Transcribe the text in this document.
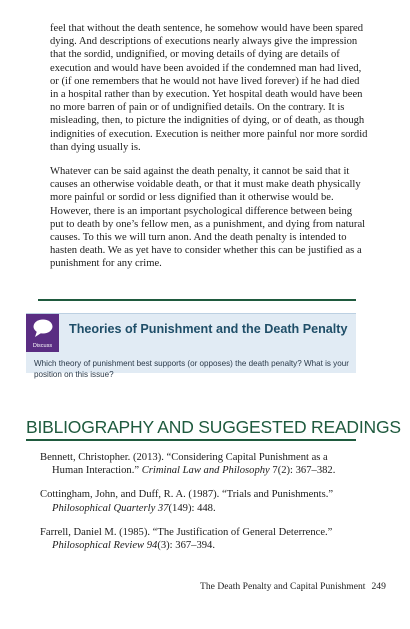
feel that without the death sentence, he somehow would have been spared dying. And descriptions of executions nearly always give the impression that the sordid, undignified, or moving details of dying are details of execution and would have been avoided if the condemned man had lived, or (if one remembers that he would not have lived forever) if he had died in a hospital rather than by execution. Yet hospital death would have been no more barren of pain or of undignified details. On the contrary. It is misleading, then, to picture the indignities of dying, or of death, as though indignities of execution. Execution is neither more painful nor more sordid than dying usually is.
Whatever can be said against the death penalty, it cannot be said that it causes an otherwise voidable death, or that it must make death physically more painful or sordid or less dignified than it otherwise would be. However, there is an important psychological difference between being put to death by one’s fellow men, as a punishment, and dying from natural causes. To this we will turn anon. And the death penalty is intended to hasten death. We as yet have to consider whether this can be justified as a punishment for any crime.
Discuss
Theories of Punishment and the Death Penalty
Which theory of punishment best supports (or opposes) the death penalty? What is your position on this issue?
BIBLIOGRAPHY AND SUGGESTED READINGS

Bennett, Christopher. (2013). “Considering Capital Punishment as a Human Interaction.” Criminal Law and Philosophy 7(2): 367–382.

Cottingham, John, and Duff, R. A. (1987). “Trials and Punishments.” Philosophical Quarterly 37(149): 448.

Farrell, Daniel M. (1985). “The Justification of General Deterrence.” Philosophical Review 94(3): 367–394.

The Death Penalty and Capital Punishment 249
